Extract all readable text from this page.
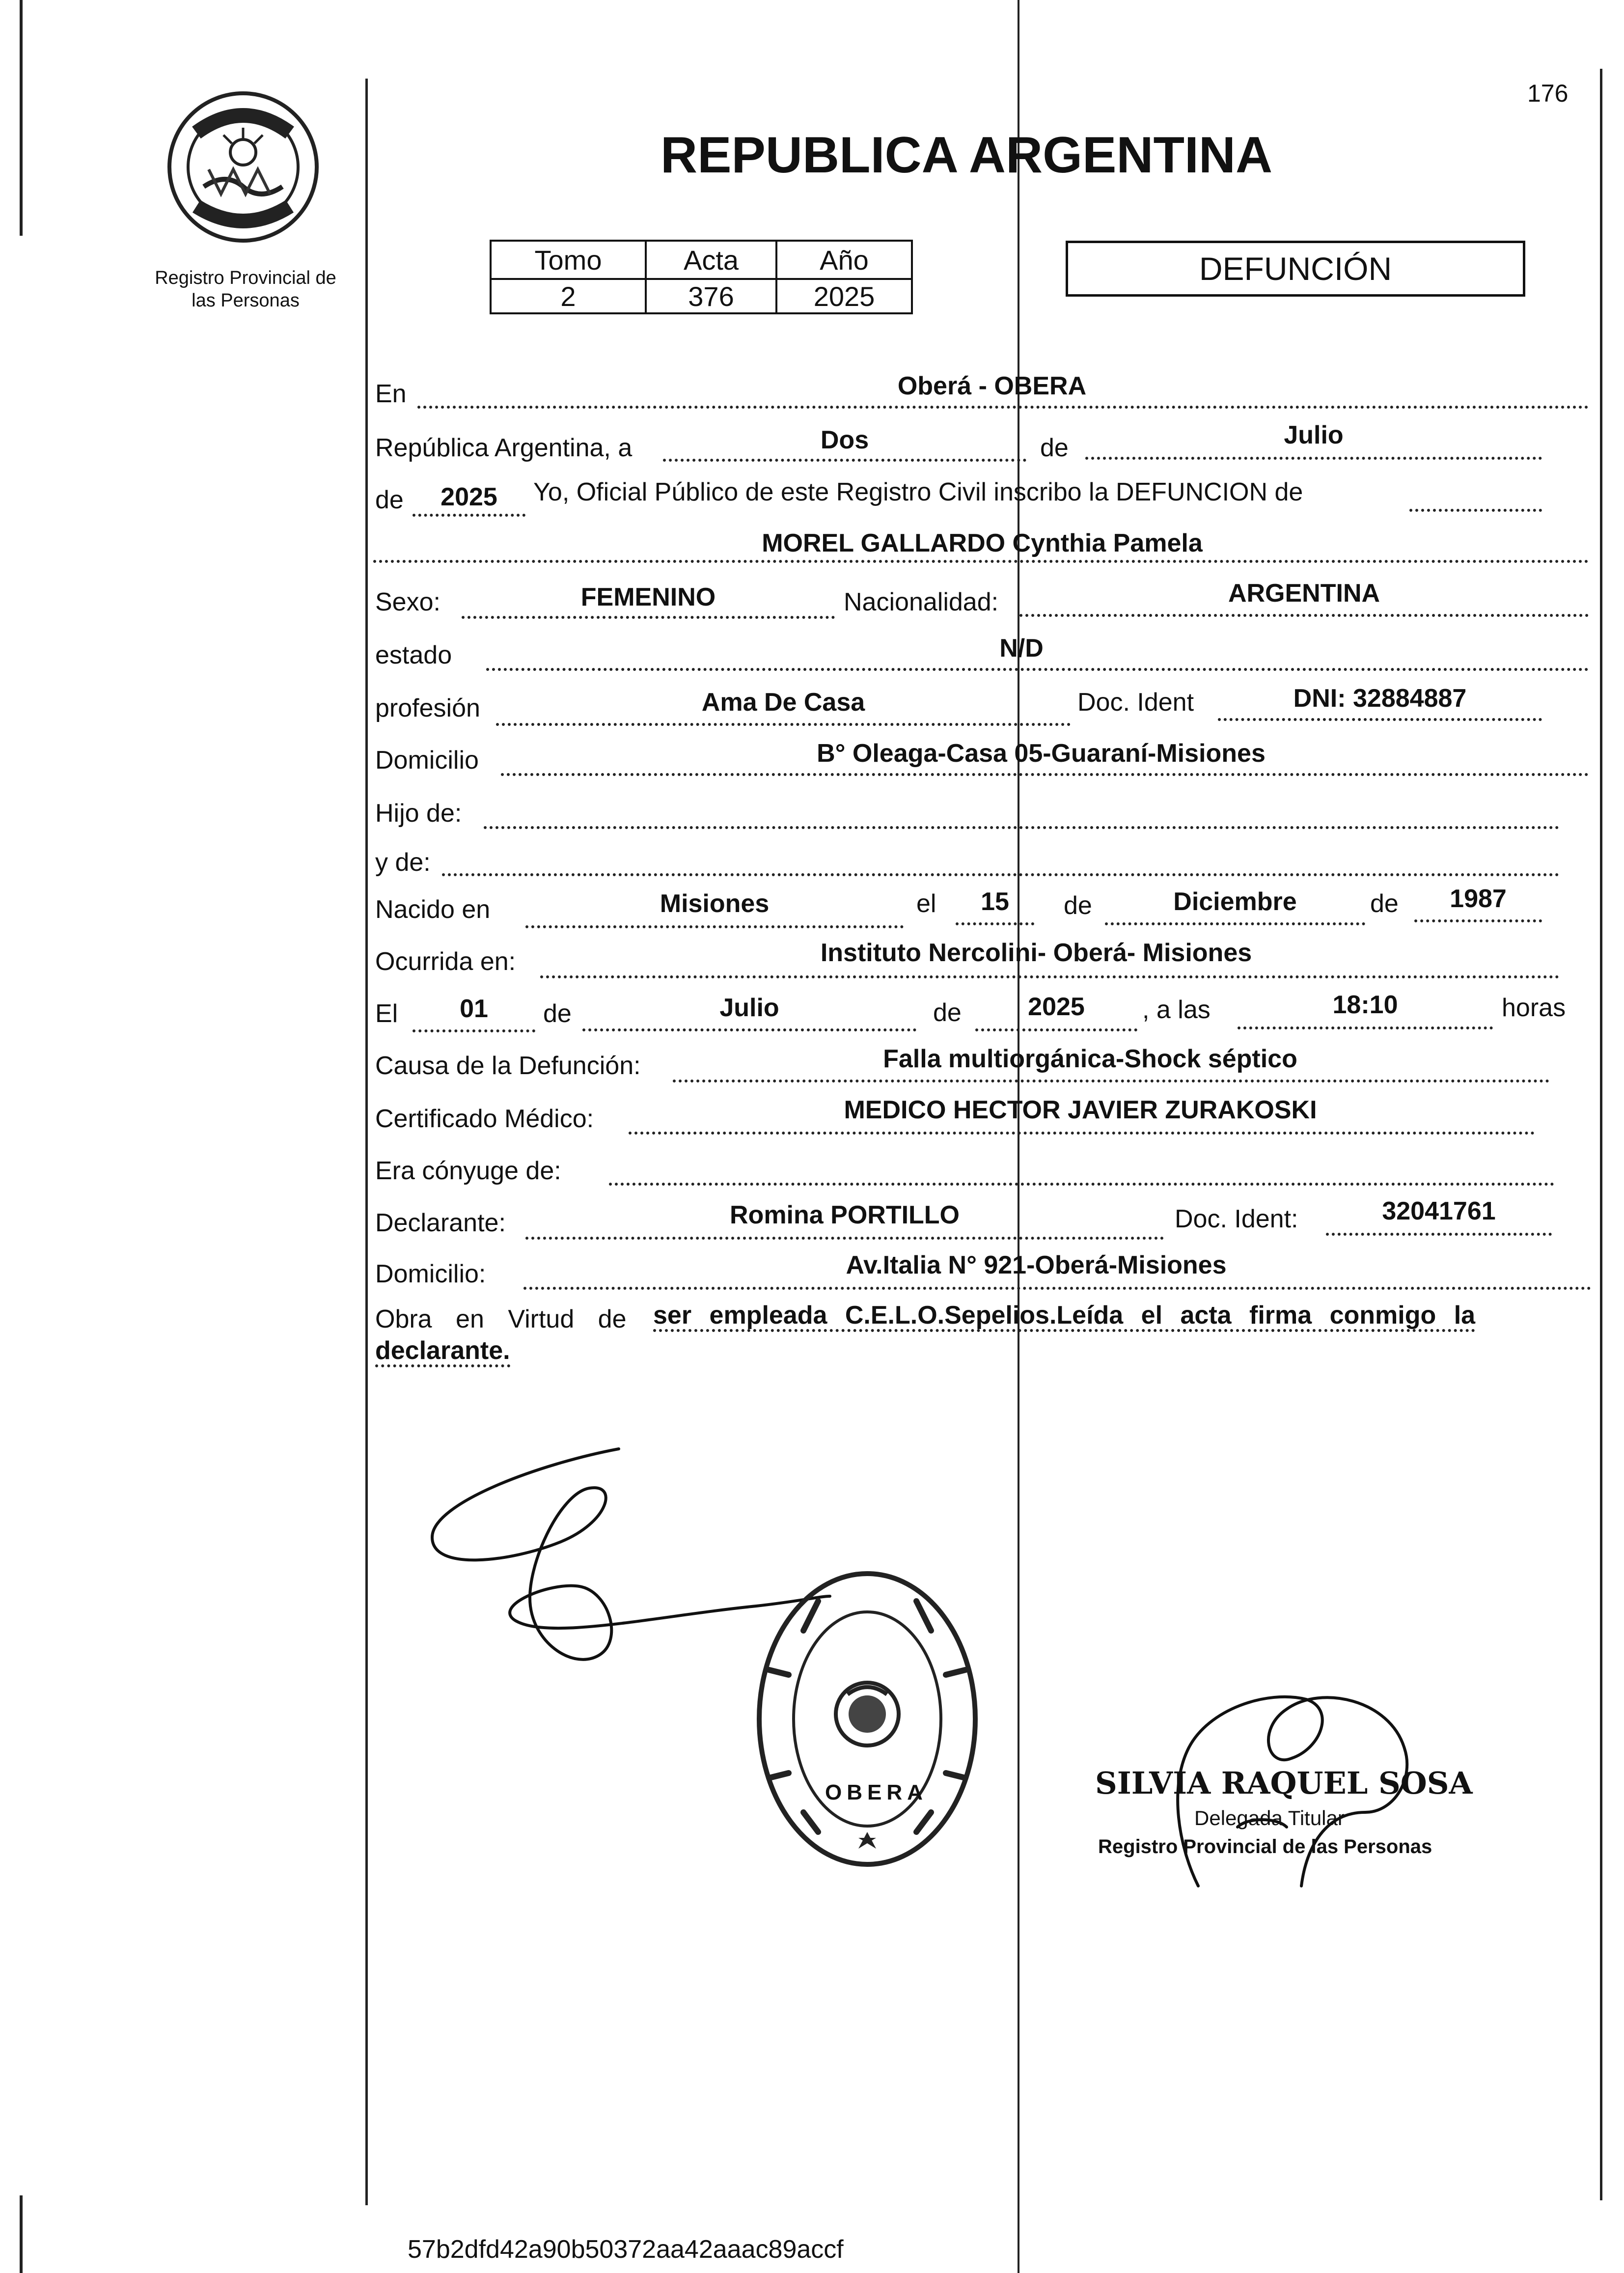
176
Registro Provincial de
las Personas
REPUBLICA ARGENTINA
Tomo	Acta	Año
2	376	2025
DEFUNCIÓN
En	Oberá - OBERA
República Argentina, a	Dos	de	Julio
de	2025	Yo, Oficial Público de este Registro Civil inscribo la DEFUNCION de
MOREL GALLARDO Cynthia Pamela
Sexo:	FEMENINO	Nacionalidad:	ARGENTINA
estado	N/D
profesión	Ama De Casa	Doc. Ident	DNI: 32884887
Domicilio	B° Oleaga-Casa 05-Guaraní-Misiones
Hijo de:
y de:
Nacido en	Misiones	el	15	de	Diciembre	de	1987
Ocurrida en:	Instituto Nercolini- Oberá- Misiones
El	01	de	Julio	de	2025	, a las	18:10	horas
Causa de la Defunción:	Falla multiorgánica-Shock séptico
Certificado Médico:	MEDICO HECTOR JAVIER ZURAKOSKI
Era cónyuge de:
Declarante:	Romina PORTILLO	Doc. Ident:	32041761
Domicilio:	Av.Italia N° 921-Oberá-Misiones
Obra en Virtud de ser empleada C.E.L.O.Sepelios.Leída el acta firma conmigo la
declarante.
OBERA	SILVIA RAQUEL SOSA
Delegada Titular
Registro Provincial de las Personas
57b2dfd42a90b50372aa42aaac89accf
